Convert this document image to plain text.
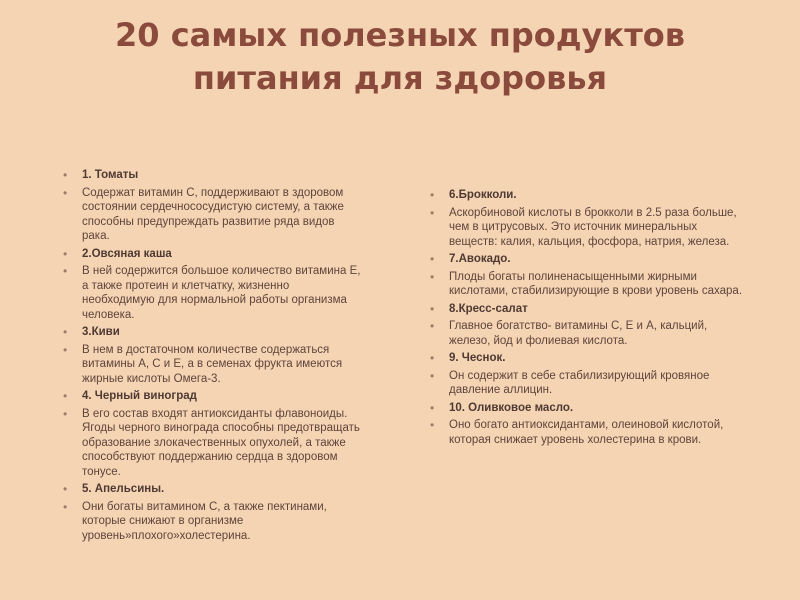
20 самых полезных продуктов
питания для здоровья
• 1. Томаты
• Содержат витамин С, поддерживают в здоровом состоянии сердечнососудистую систему, а также способны предупреждать развитие ряда видов рака.
• 2.Овсяная каша
• В ней содержится большое количество витамина Е, а также протеин и клетчатку, жизненно необходимую для нормальной работы организма человека.
• 3.Киви
• В нем в достаточном количестве содержаться витамины А, С и Е, а в семенах фрукта имеются жирные кислоты Омега-3.
• 4. Черный виноград
• В его состав входят антиоксиданты флавоноиды. Ягоды черного винограда способны предотвращать образование злокачественных опухолей, а также способствуют поддержанию сердца в здоровом тонусе.
• 5. Апельсины.
• Они богаты витамином С, а также пектинами, которые снижают в организме уровень»плохого»холестерина.
• 6.Брокколи.
• Аскорбиновой кислоты в брокколи в 2.5 раза больше, чем в цитрусовых. Это источник минеральных веществ: калия, кальция, фосфора, натрия, железа.
• 7.Авокадо.
• Плоды богаты полиненасыщенными жирными кислотами, стабилизирующие в крови уровень сахара.
• 8.Кресс-салат
• Главное богатство- витамины С, Е и А, кальций, железо, йод и фолиевая кислота.
• 9. Чеснок.
• Он содержит в себе стабилизирующий кровяное давление аллицин.
• 10. Оливковое масло.
• Оно богато антиоксидантами, олеиновой кислотой, которая снижает уровень холестерина в крови.
